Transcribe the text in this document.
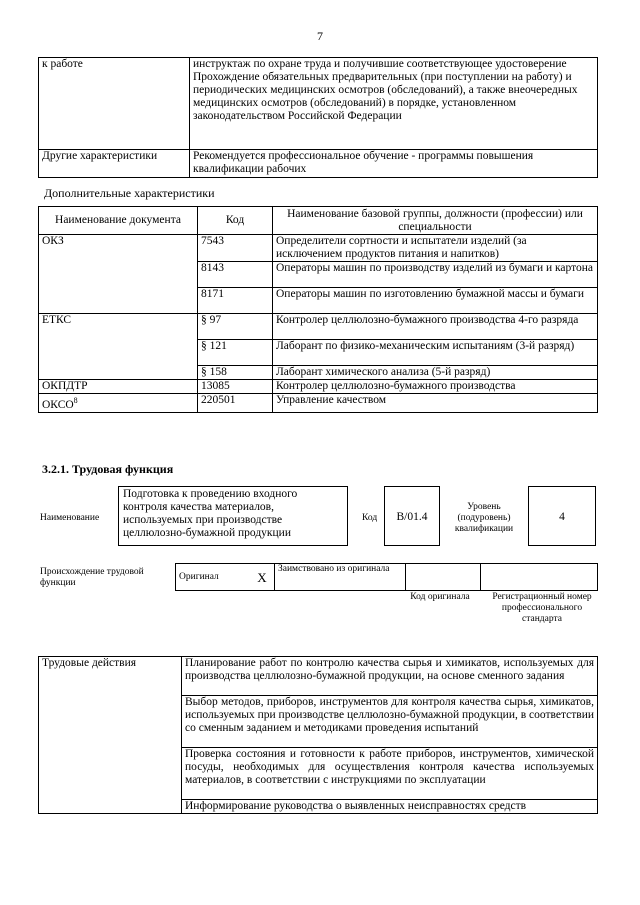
7
к работе	инструктаж по охране труда и получившие соответствующее удостоверение
Прохождение обязательных предварительных (при поступлении на работу) и периодических медицинских осмотров (обследований), а также внеочередных медицинских осмотров (обследований) в порядке, установленном законодательством Российской Федерации

Другие характеристики	Рекомендуется профессиональное обучение - программы повышения квалификации рабочих
Дополнительные характеристики
Наименование документа	Код	Наименование базовой группы, должности (профессии) или специальности
ОКЗ	7543	Определители сортности и испытатели изделий (за исключением продуктов питания и напитков)
	8143	Операторы машин по производству изделий из бумаги и картона
	8171	Операторы машин по изготовлению бумажной массы и бумаги
ЕТКС	§ 97	Контролер целлюлозно-бумажного производства 4-го разряда
	§ 121	Лаборант по физико-механическим испытаниям (3-й разряд)
	§ 158	Лаборант химического анализа (5-й разряд)
ОКПДТР	13085	Контролер целлюлозно-бумажного производства
ОКСО$^8$	220501	Управление качеством
3.2.1. Трудовая функция
Наименование
Подготовка к проведению входного контроля качества материалов, используемых при производстве целлюлозно-бумажной продукции
Код	B/01.4
Уровень (подуровень) квалификации
4
Происхождение трудовой функции
Оригинал	X	Заимствовано из оригинала		
Код оригинала	Регистрационный номер профессионального стандарта
Трудовые действия	Планирование работ по контролю качества сырья и химикатов, используемых для производства целлюлозно-бумажной продукции, на основе сменного задания
Выбор методов, приборов, инструментов для контроля качества сырья, химикатов, используемых при производстве целлюлозно-бумажной продукции, в соответствии со сменным заданием и методиками проведения испытаний
Проверка состояния и готовности к работе приборов, инструментов, химической посуды, необходимых для осуществления контроля качества используемых материалов, в соответствии с инструкциями по эксплуатации
Информирование руководства о выявленных неисправностях средств
